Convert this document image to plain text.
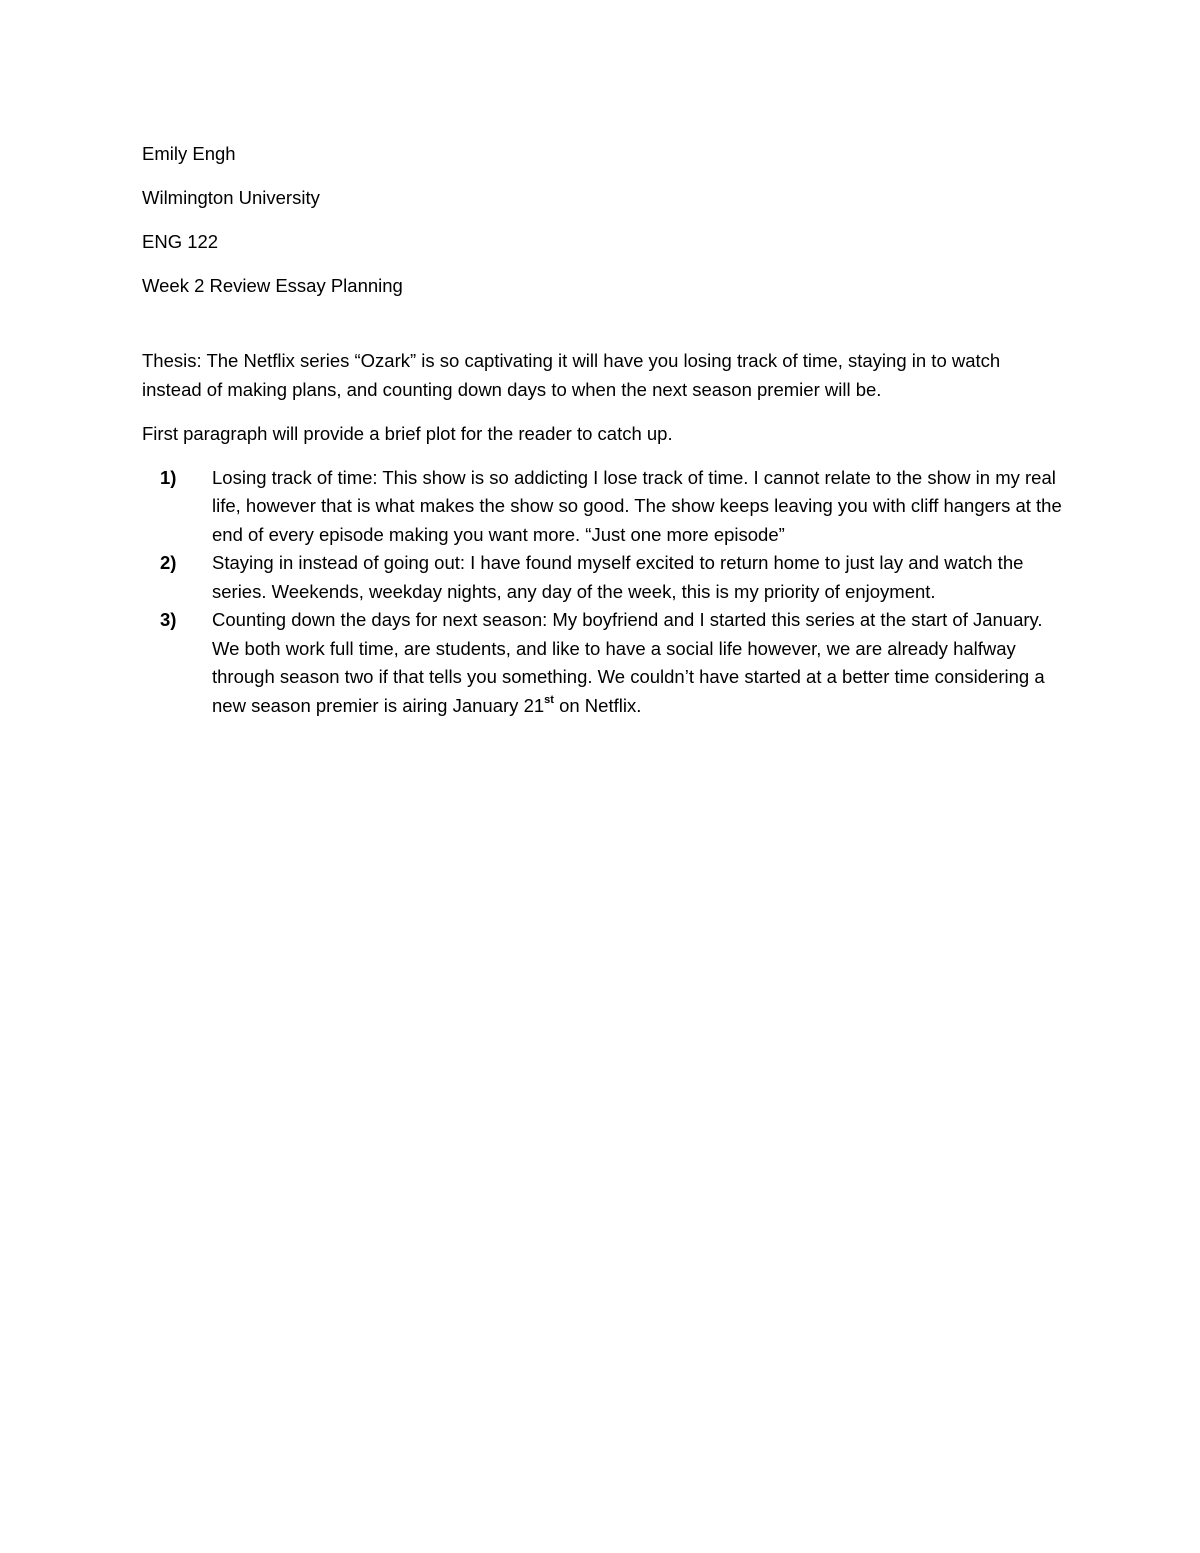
Emily Engh
Wilmington University
ENG 122
Week 2 Review Essay Planning

Thesis: The Netflix series “Ozark” is so captivating it will have you losing track of time, staying in to watch instead of making plans, and counting down days to when the next season premier will be.

First paragraph will provide a brief plot for the reader to catch up.

1) Losing track of time: This show is so addicting I lose track of time. I cannot relate to the show in my real life, however that is what makes the show so good. The show keeps leaving you with cliff hangers at the end of every episode making you want more. “Just one more episode”
2) Staying in instead of going out: I have found myself excited to return home to just lay and watch the series. Weekends, weekday nights, any day of the week, this is my priority of enjoyment.
3) Counting down the days for next season: My boyfriend and I started this series at the start of January. We both work full time, are students, and like to have a social life however, we are already halfway through season two if that tells you something. We couldn’t have started at a better time considering a new season premier is airing January 21st on Netflix.
